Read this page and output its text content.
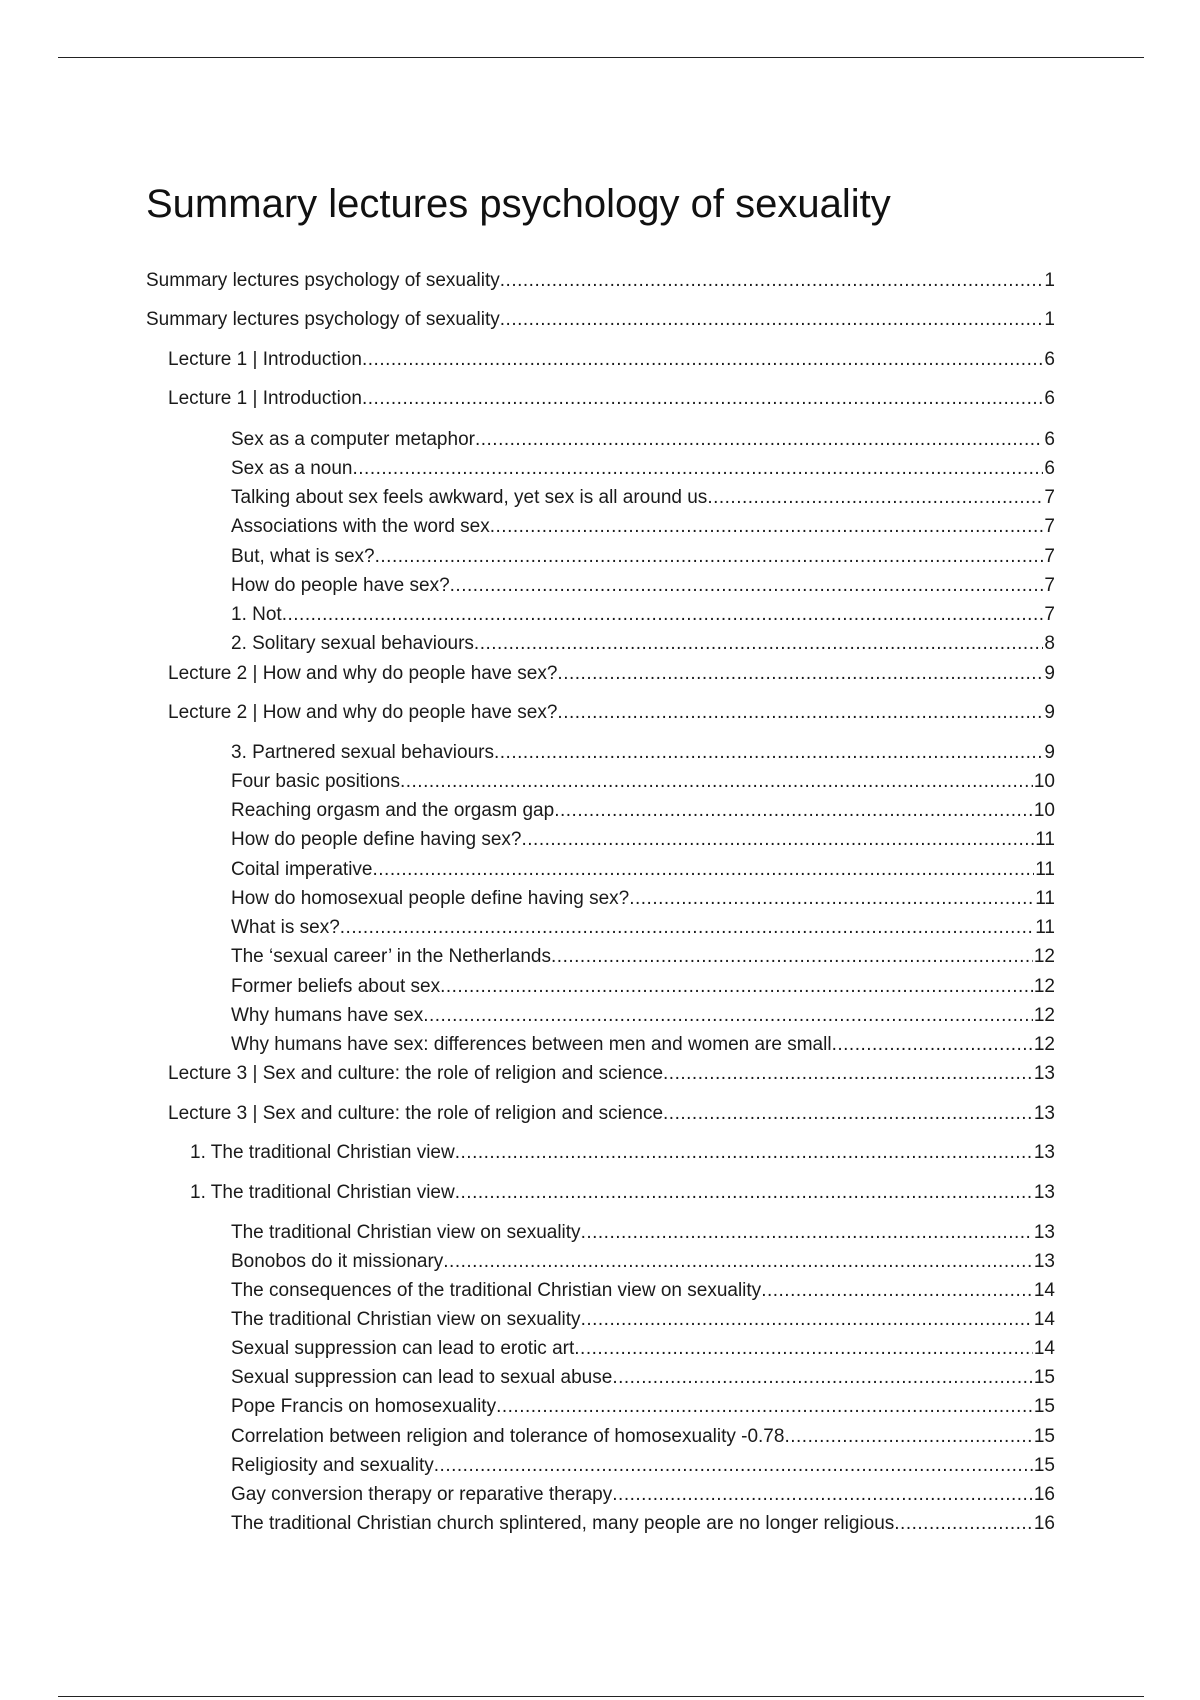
Summary lectures psychology of sexuality
Summary lectures psychology of sexuality .....	1
Summary lectures psychology of sexuality .....	1
Lecture 1 | Introduction .....	6
Lecture 1 | Introduction .....	6
Sex as a computer metaphor .....	6
Sex as a noun .....	6
Talking about sex feels awkward, yet sex is all around us .....	7
Associations with the word sex .....	7
But, what is sex? .....	7
How do people have sex? .....	7
1. Not .....	7
2. Solitary sexual behaviours .....	8
Lecture 2 | How and why do people have sex? .....	9
Lecture 2 | How and why do people have sex? .....	9
3. Partnered sexual behaviours .....	9
Four basic positions .....	10
Reaching orgasm and the orgasm gap .....	10
How do people define having sex? .....	11
Coital imperative .....	11
How do homosexual people define having sex? .....	11
What is sex? .....	11
The ‘sexual career’ in the Netherlands .....	12
Former beliefs about sex .....	12
Why humans have sex .....	12
Why humans have sex: differences between men and women are small .....	12
Lecture 3 | Sex and culture: the role of religion and science .....	13
Lecture 3 | Sex and culture: the role of religion and science .....	13
1. The traditional Christian view .....	13
1. The traditional Christian view .....	13
The traditional Christian view on sexuality .....	13
Bonobos do it missionary .....	13
The consequences of the traditional Christian view on sexuality .....	14
The traditional Christian view on sexuality .....	14
Sexual suppression can lead to erotic art .....	14
Sexual suppression can lead to sexual abuse .....	15
Pope Francis on homosexuality .....	15
Correlation between religion and tolerance of homosexuality -0.78 .....	15
Religiosity and sexuality .....	15
Gay conversion therapy or reparative therapy .....	16
The traditional Christian church splintered, many people are no longer religious .....	16
